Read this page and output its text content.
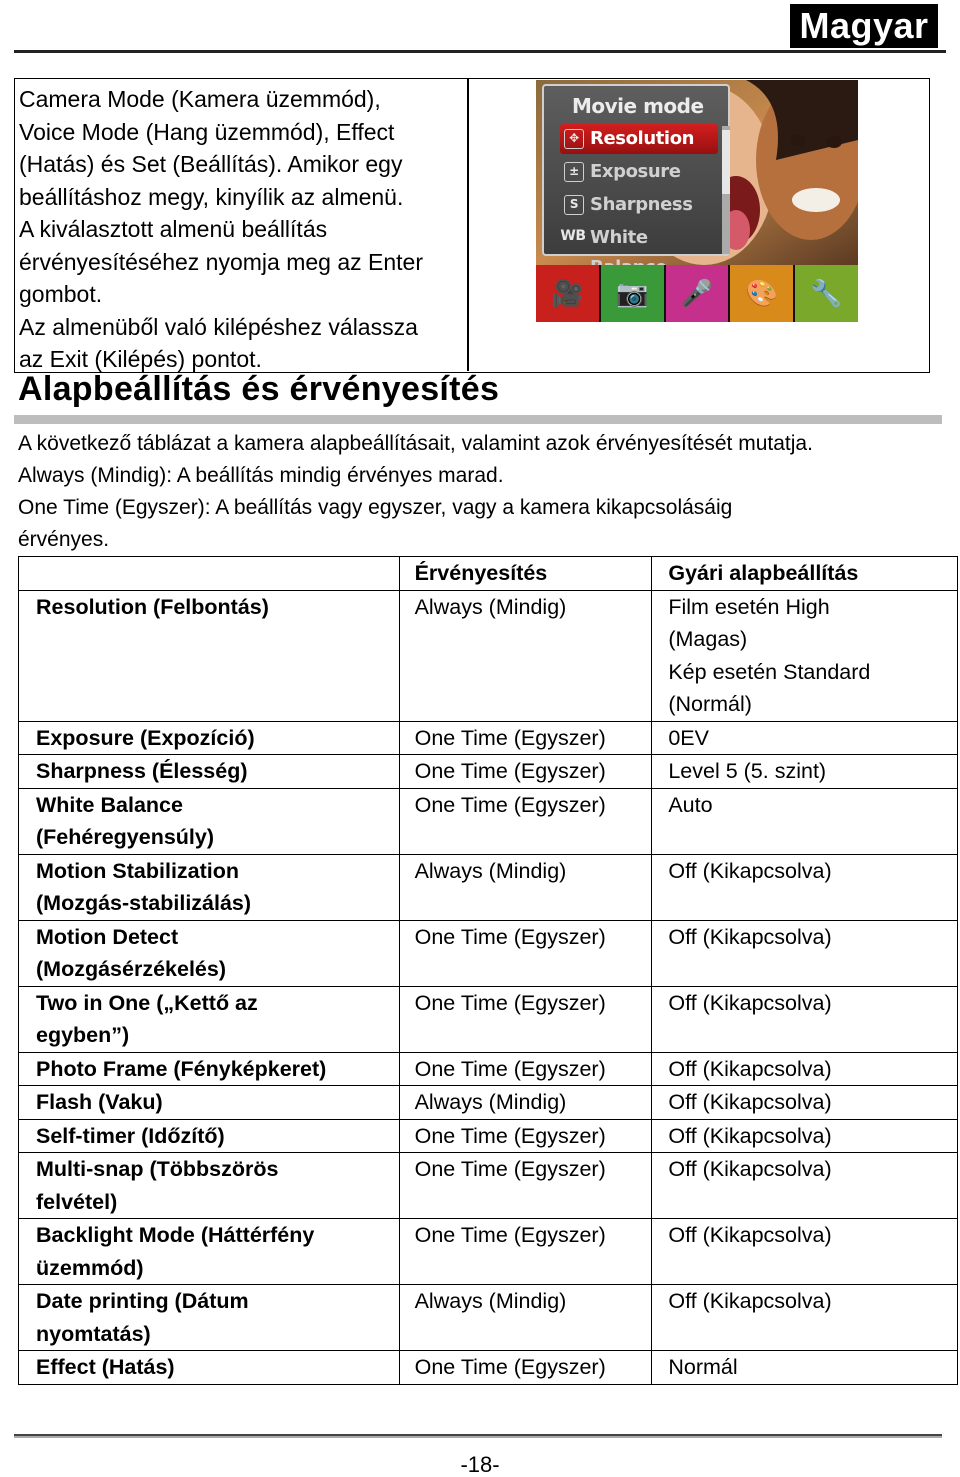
Magyar
Camera Mode (Kamera üzemmód),
Voice Mode (Hang üzemmód), Effect
(Hatás) és Set (Beállítás). Amikor egy
beállításhoz megy, kinyílik az almenü.
A kiválasztott almenü beállítás
érvényesítéséhez nyomja meg az Enter
gombot.
Az almenüből való kilépéshez válassza
az Exit (Kilépés) pontot.
Movie mode
✥ Resolution
± Exposure
S Sharpness
WB White
🎥	📷	🎤	🎨	🔧
Alapbeállítás és érvényesítés
A következő táblázat a kamera alapbeállításait, valamint azok érvényesítését mutatja.
Always (Mindig): A beállítás mindig érvényes marad.
One Time (Egyszer): A beállítás vagy egyszer, vagy a kamera kikapcsolásáig
érvényes.
	Érvényesítés	Gyári alapbeállítás

Resolution (Felbontás)	Always (Mindig)	Film esetén High
(Magas)
Kép esetén Standard
(Normál)

Exposure (Expozíció)	One Time (Egyszer)	0EV

Sharpness (Élesség)	One Time (Egyszer)	Level 5 (5. szint)

White Balance
(Fehéregyensúly)	One Time (Egyszer)	Auto

Motion Stabilization
(Mozgás-stabilizálás)	Always (Mindig)	Off (Kikapcsolva)

Motion Detect
(Mozgásérzékelés)	One Time (Egyszer)	Off (Kikapcsolva)

Two in One („Kettő az
egyben”)	One Time (Egyszer)	Off (Kikapcsolva)

Photo Frame (Fényképkeret)	One Time (Egyszer)	Off (Kikapcsolva)

Flash (Vaku)	Always (Mindig)	Off (Kikapcsolva)

Self-timer (Időzítő)	One Time (Egyszer)	Off (Kikapcsolva)

Multi-snap (Többszörös
felvétel)	One Time (Egyszer)	Off (Kikapcsolva)

Backlight Mode (Háttérfény
üzemmód)	One Time (Egyszer)	Off (Kikapcsolva)

Date printing (Dátum
nyomtatás)	Always (Mindig)	Off (Kikapcsolva)

Effect (Hatás)	One Time (Egyszer)	Normál
-18-
